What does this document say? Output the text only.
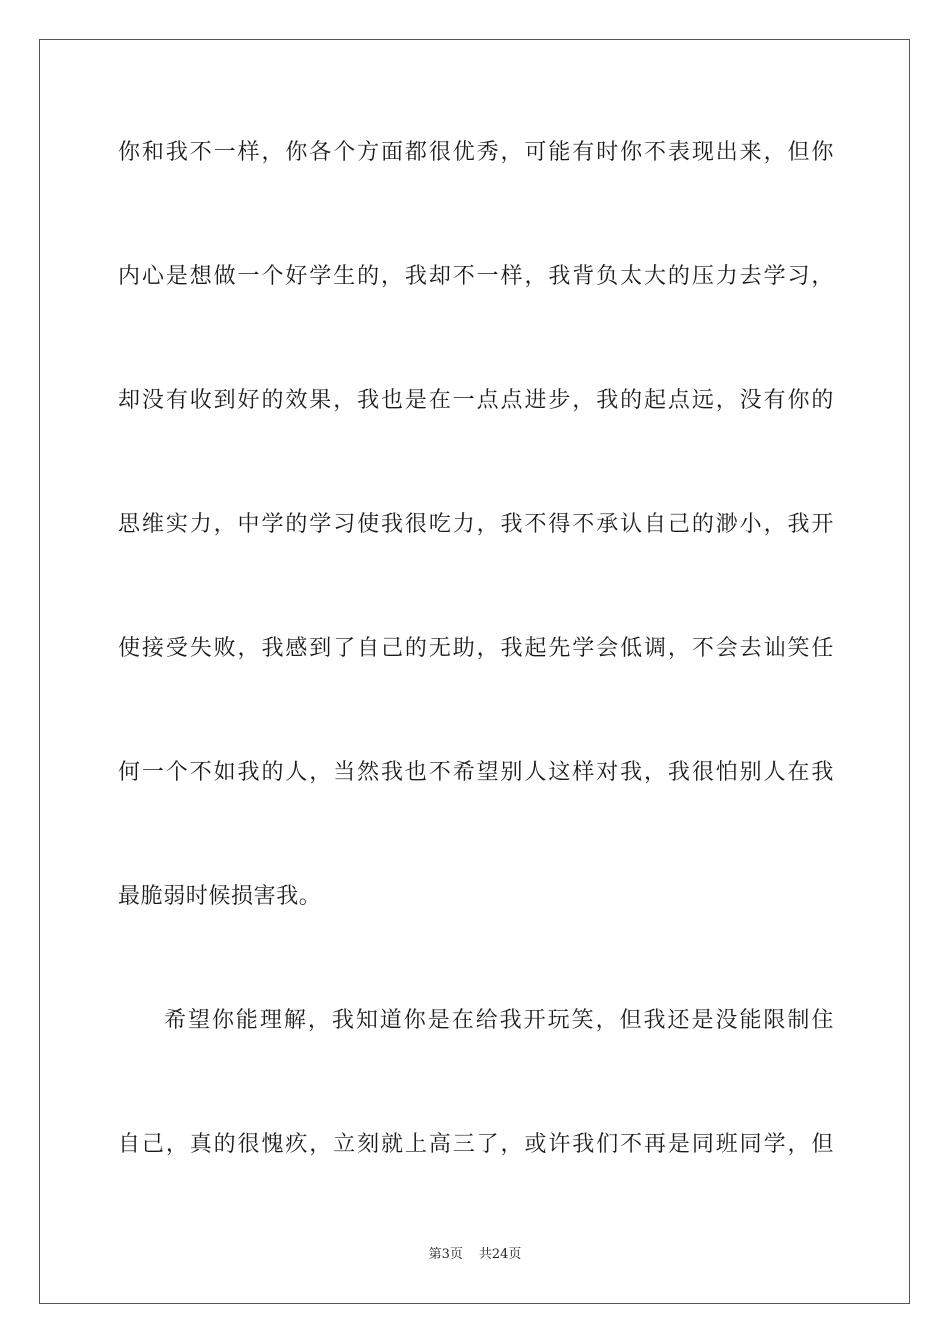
你和我不一样，你各个方面都很优秀，可能有时你不表现出来，但你
内心是想做一个好学生的，我却不一样，我背负太大的压力去学习，
却没有收到好的效果，我也是在一点点进步，我的起点远，没有你的
思维实力，中学的学习使我很吃力，我不得不承认自己的渺小，我开
使接受失败，我感到了自己的无助，我起先学会低调，不会去讪笑任
何一个不如我的人，当然我也不希望别人这样对我，我很怕别人在我
最脆弱时候损害我。
希望你能理解，我知道你是在给我开玩笑，但我还是没能限制住
自己，真的很愧疚，立刻就上高三了，或许我们不再是同班同学，但
第3页 共24页
